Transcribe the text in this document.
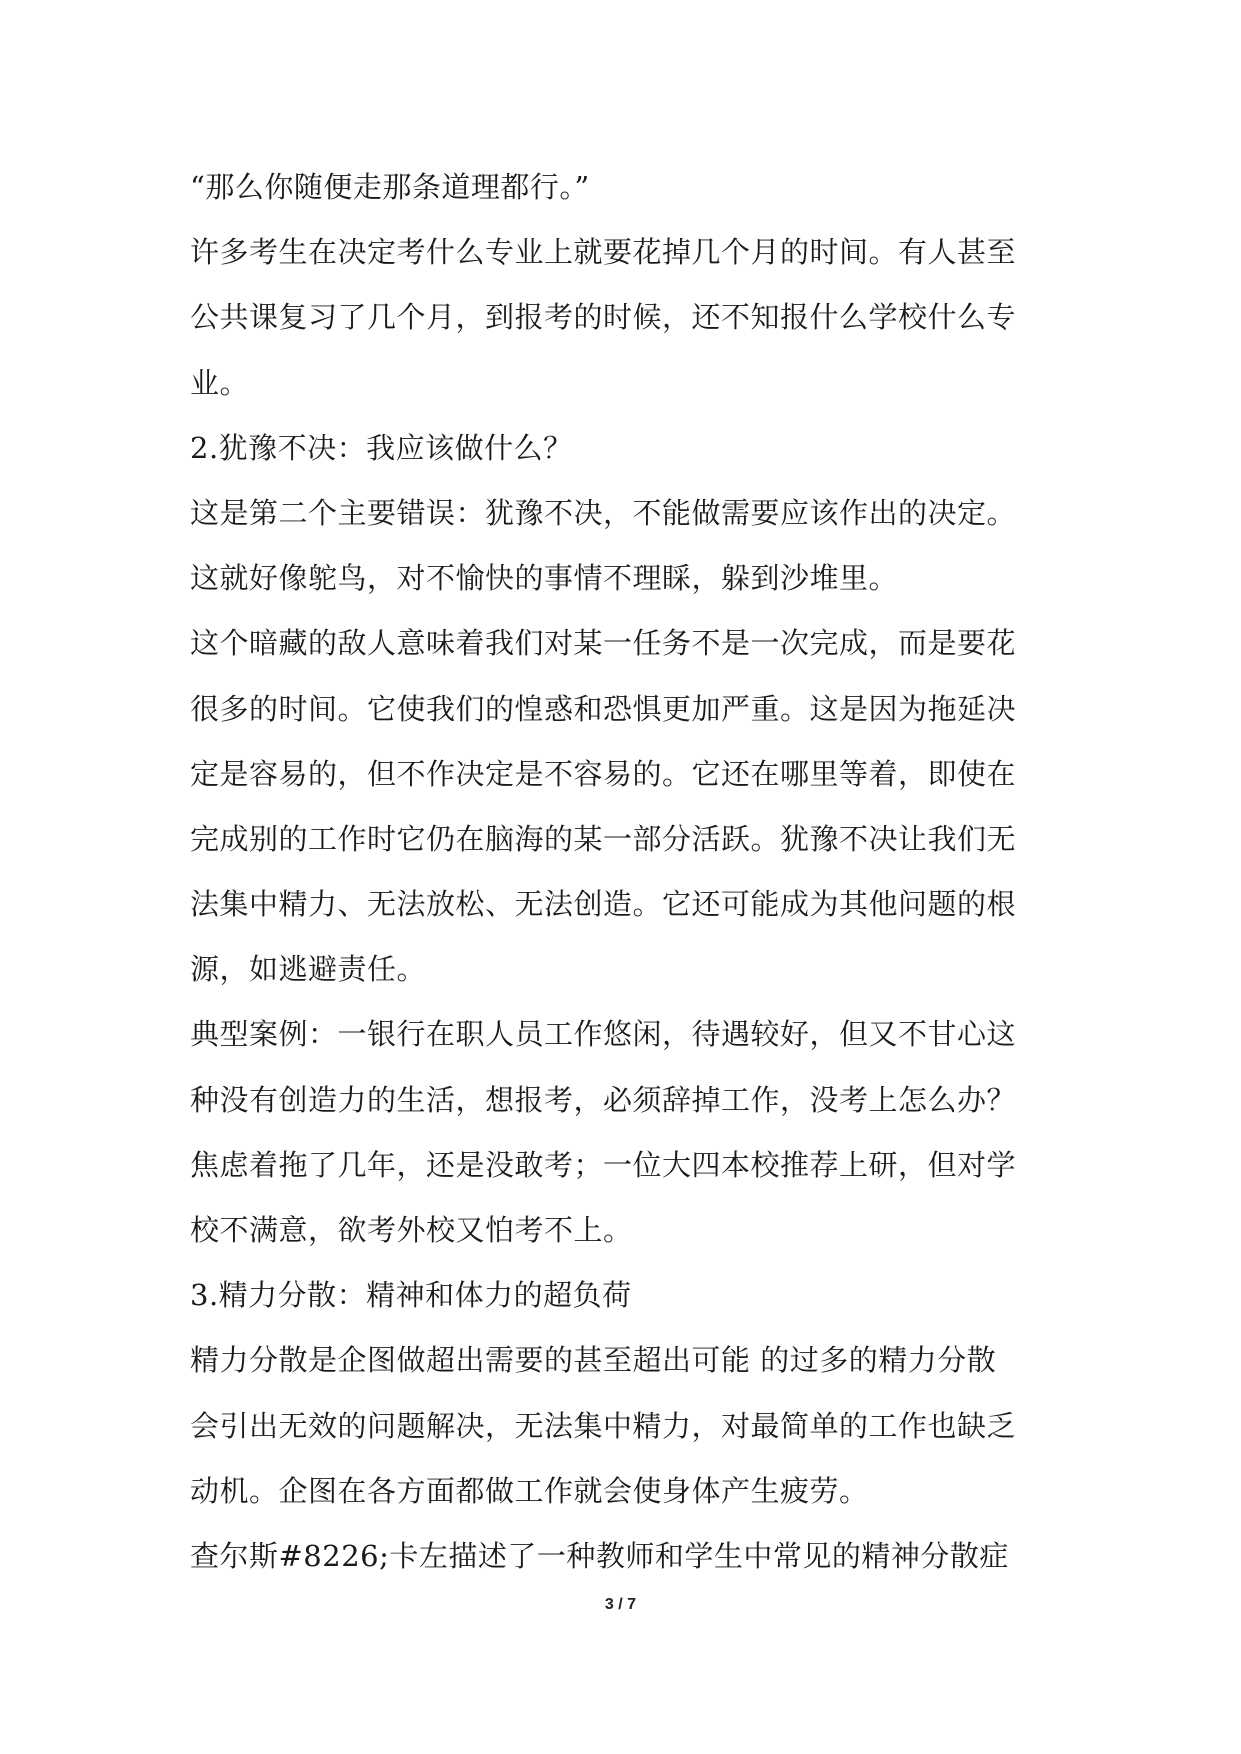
“那么你随便走那条道理都行。”
许多考生在决定考什么专业上就要花掉几个月的时间。有人甚至
公共课复习了几个月，到报考的时候，还不知报什么学校什么专
业。
2.犹豫不决：我应该做什么？
这是第二个主要错误：犹豫不决，不能做需要应该作出的决定。
这就好像鸵鸟，对不愉快的事情不理睬，躲到沙堆里。
这个暗藏的敌人意味着我们对某一任务不是一次完成，而是要花
很多的时间。它使我们的惶惑和恐惧更加严重。这是因为拖延决
定是容易的，但不作决定是不容易的。它还在哪里等着，即使在
完成别的工作时它仍在脑海的某一部分活跃。犹豫不决让我们无
法集中精力、无法放松、无法创造。它还可能成为其他问题的根
源，如逃避责任。
典型案例：一银行在职人员工作悠闲，待遇较好，但又不甘心这
种没有创造力的生活，想报考，必须辞掉工作，没考上怎么办？
焦虑着拖了几年，还是没敢考；一位大四本校推荐上研，但对学
校不满意，欲考外校又怕考不上。
3.精力分散：精神和体力的超负荷
精力分散是企图做超出需要的甚至超出可能 的过多的精力分散
会引出无效的问题解决，无法集中精力，对最简单的工作也缺乏
动机。企图在各方面都做工作就会使身体产生疲劳。
查尔斯#8226;卡左描述了一种教师和学生中常见的精神分散症
3 / 7
